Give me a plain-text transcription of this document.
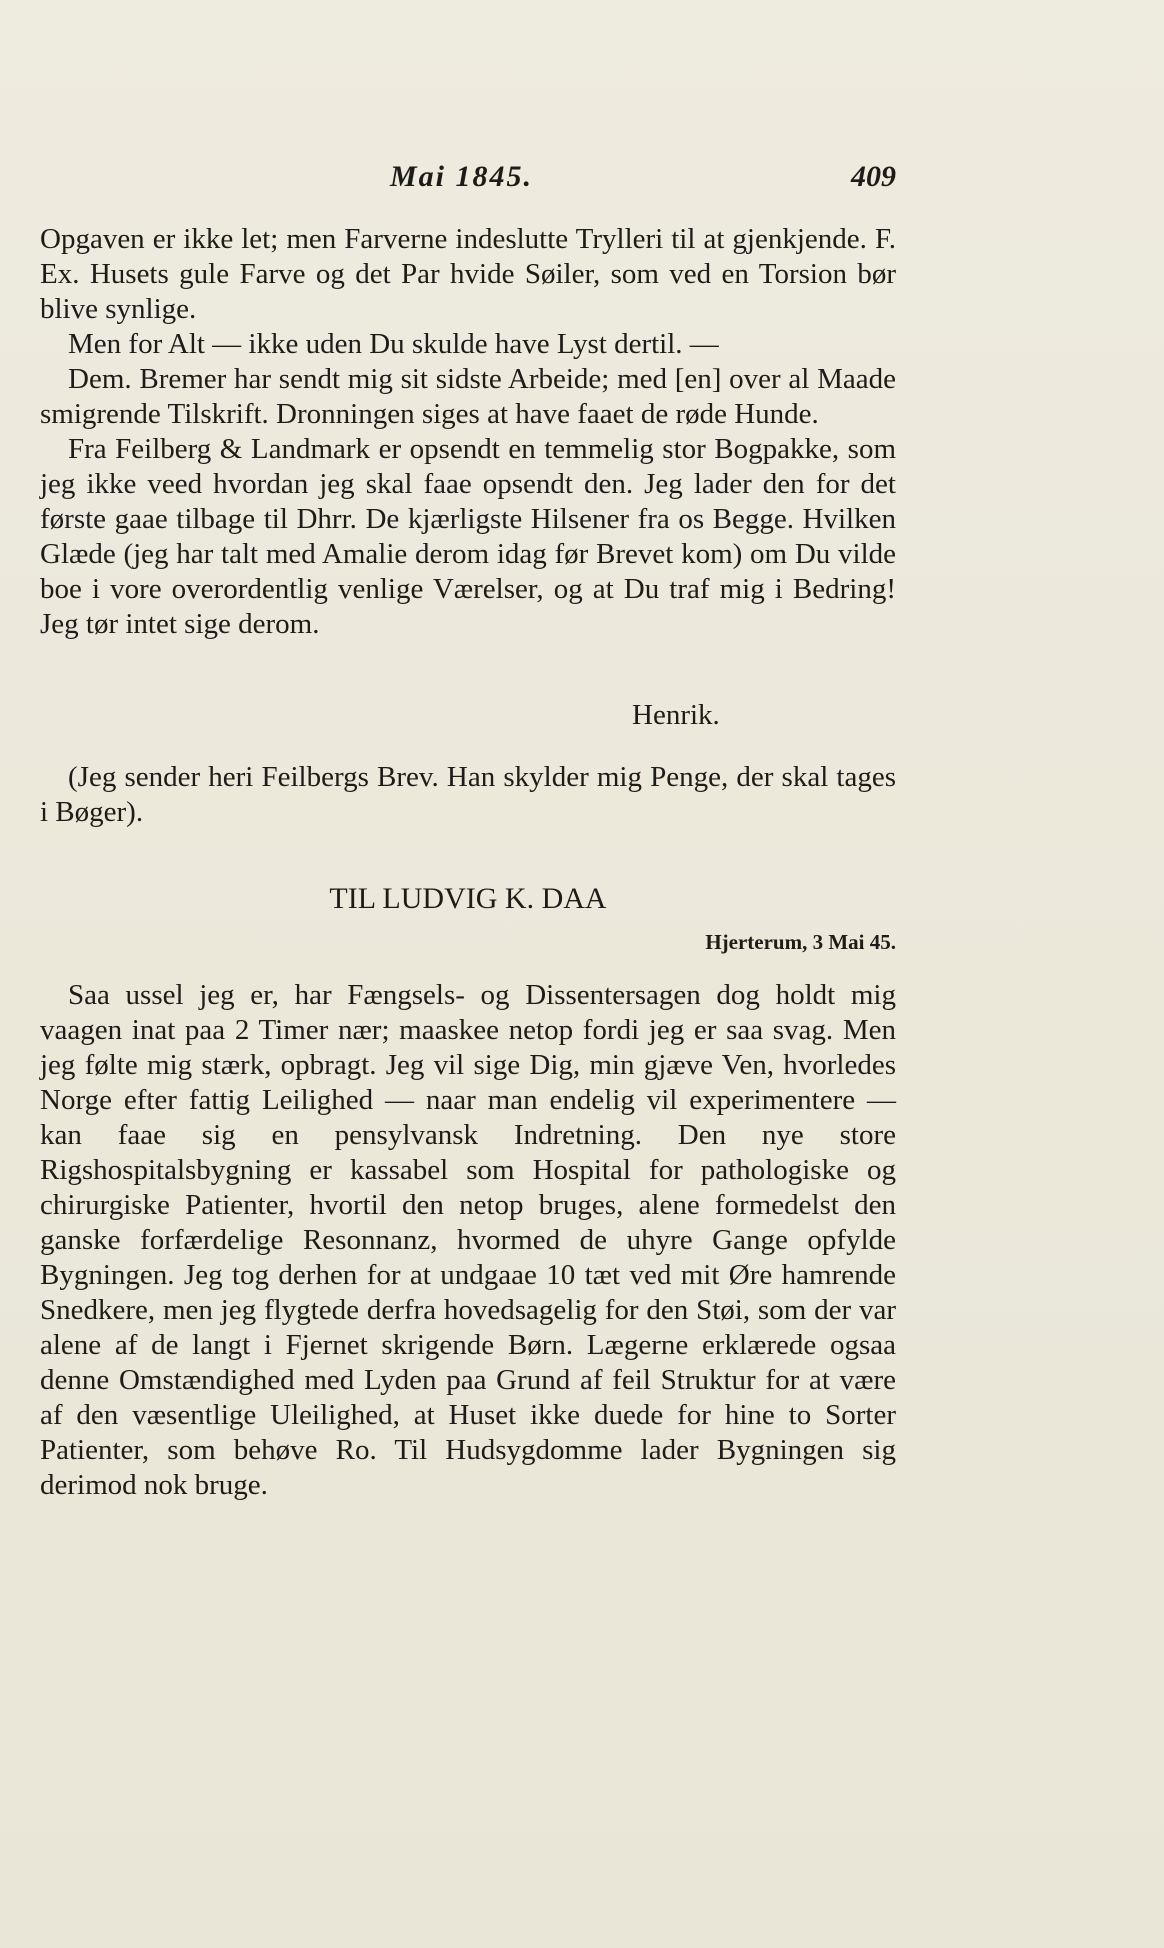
Mai 1845.	409

Opgaven er ikke let; men Farverne indeslutte Trylleri til at gjenkjende. F. Ex. Husets gule Farve og det Par hvide Søiler, som ved en Torsion bør blive synlige.

Men for Alt — ikke uden Du skulde have Lyst dertil. —

Dem. Bremer har sendt mig sit sidste Arbeide; med [en] over al Maade smigrende Tilskrift. Dronningen siges at have faaet de røde Hunde.

Fra Feilberg & Landmark er opsendt en temmelig stor Bogpakke, som jeg ikke veed hvordan jeg skal faae opsendt den. Jeg lader den for det første gaae tilbage til Dhrr. De kjærligste Hilsener fra os Begge. Hvilken Glæde (jeg har talt med Amalie derom idag før Brevet kom) om Du vilde boe i vore overordentlig venlige Værelser, og at Du traf mig i Bedring! Jeg tør intet sige derom.

Henrik.

(Jeg sender heri Feilbergs Brev. Han skylder mig Penge, der skal tages i Bøger).

TIL LUDVIG K. DAA
Hjerterum, 3 Mai 45.

Saa ussel jeg er, har Fængsels- og Dissentersagen dog holdt mig vaagen inat paa 2 Timer nær; maaskee netop fordi jeg er saa svag. Men jeg følte mig stærk, opbragt. Jeg vil sige Dig, min gjæve Ven, hvorledes Norge efter fattig Leilighed — naar man endelig vil experimentere — kan faae sig en pensylvansk Indretning. Den nye store Rigshospitalsbygning er kassabel som Hospital for pathologiske og chirurgiske Patienter, hvortil den netop bruges, alene formedelst den ganske forfærdelige Resonnanz, hvormed de uhyre Gange opfylde Bygningen. Jeg tog derhen for at undgaae 10 tæt ved mit Øre hamrende Snedkere, men jeg flygtede derfra hovedsagelig for den Støi, som der var alene af de langt i Fjernet skrigende Børn. Lægerne erklærede ogsaa denne Omstændighed med Lyden paa Grund af feil Struktur for at være af den væsentlige Uleilighed, at Huset ikke duede for hine to Sorter Patienter, som behøve Ro. Til Hudsygdomme lader Bygningen sig derimod nok bruge.
